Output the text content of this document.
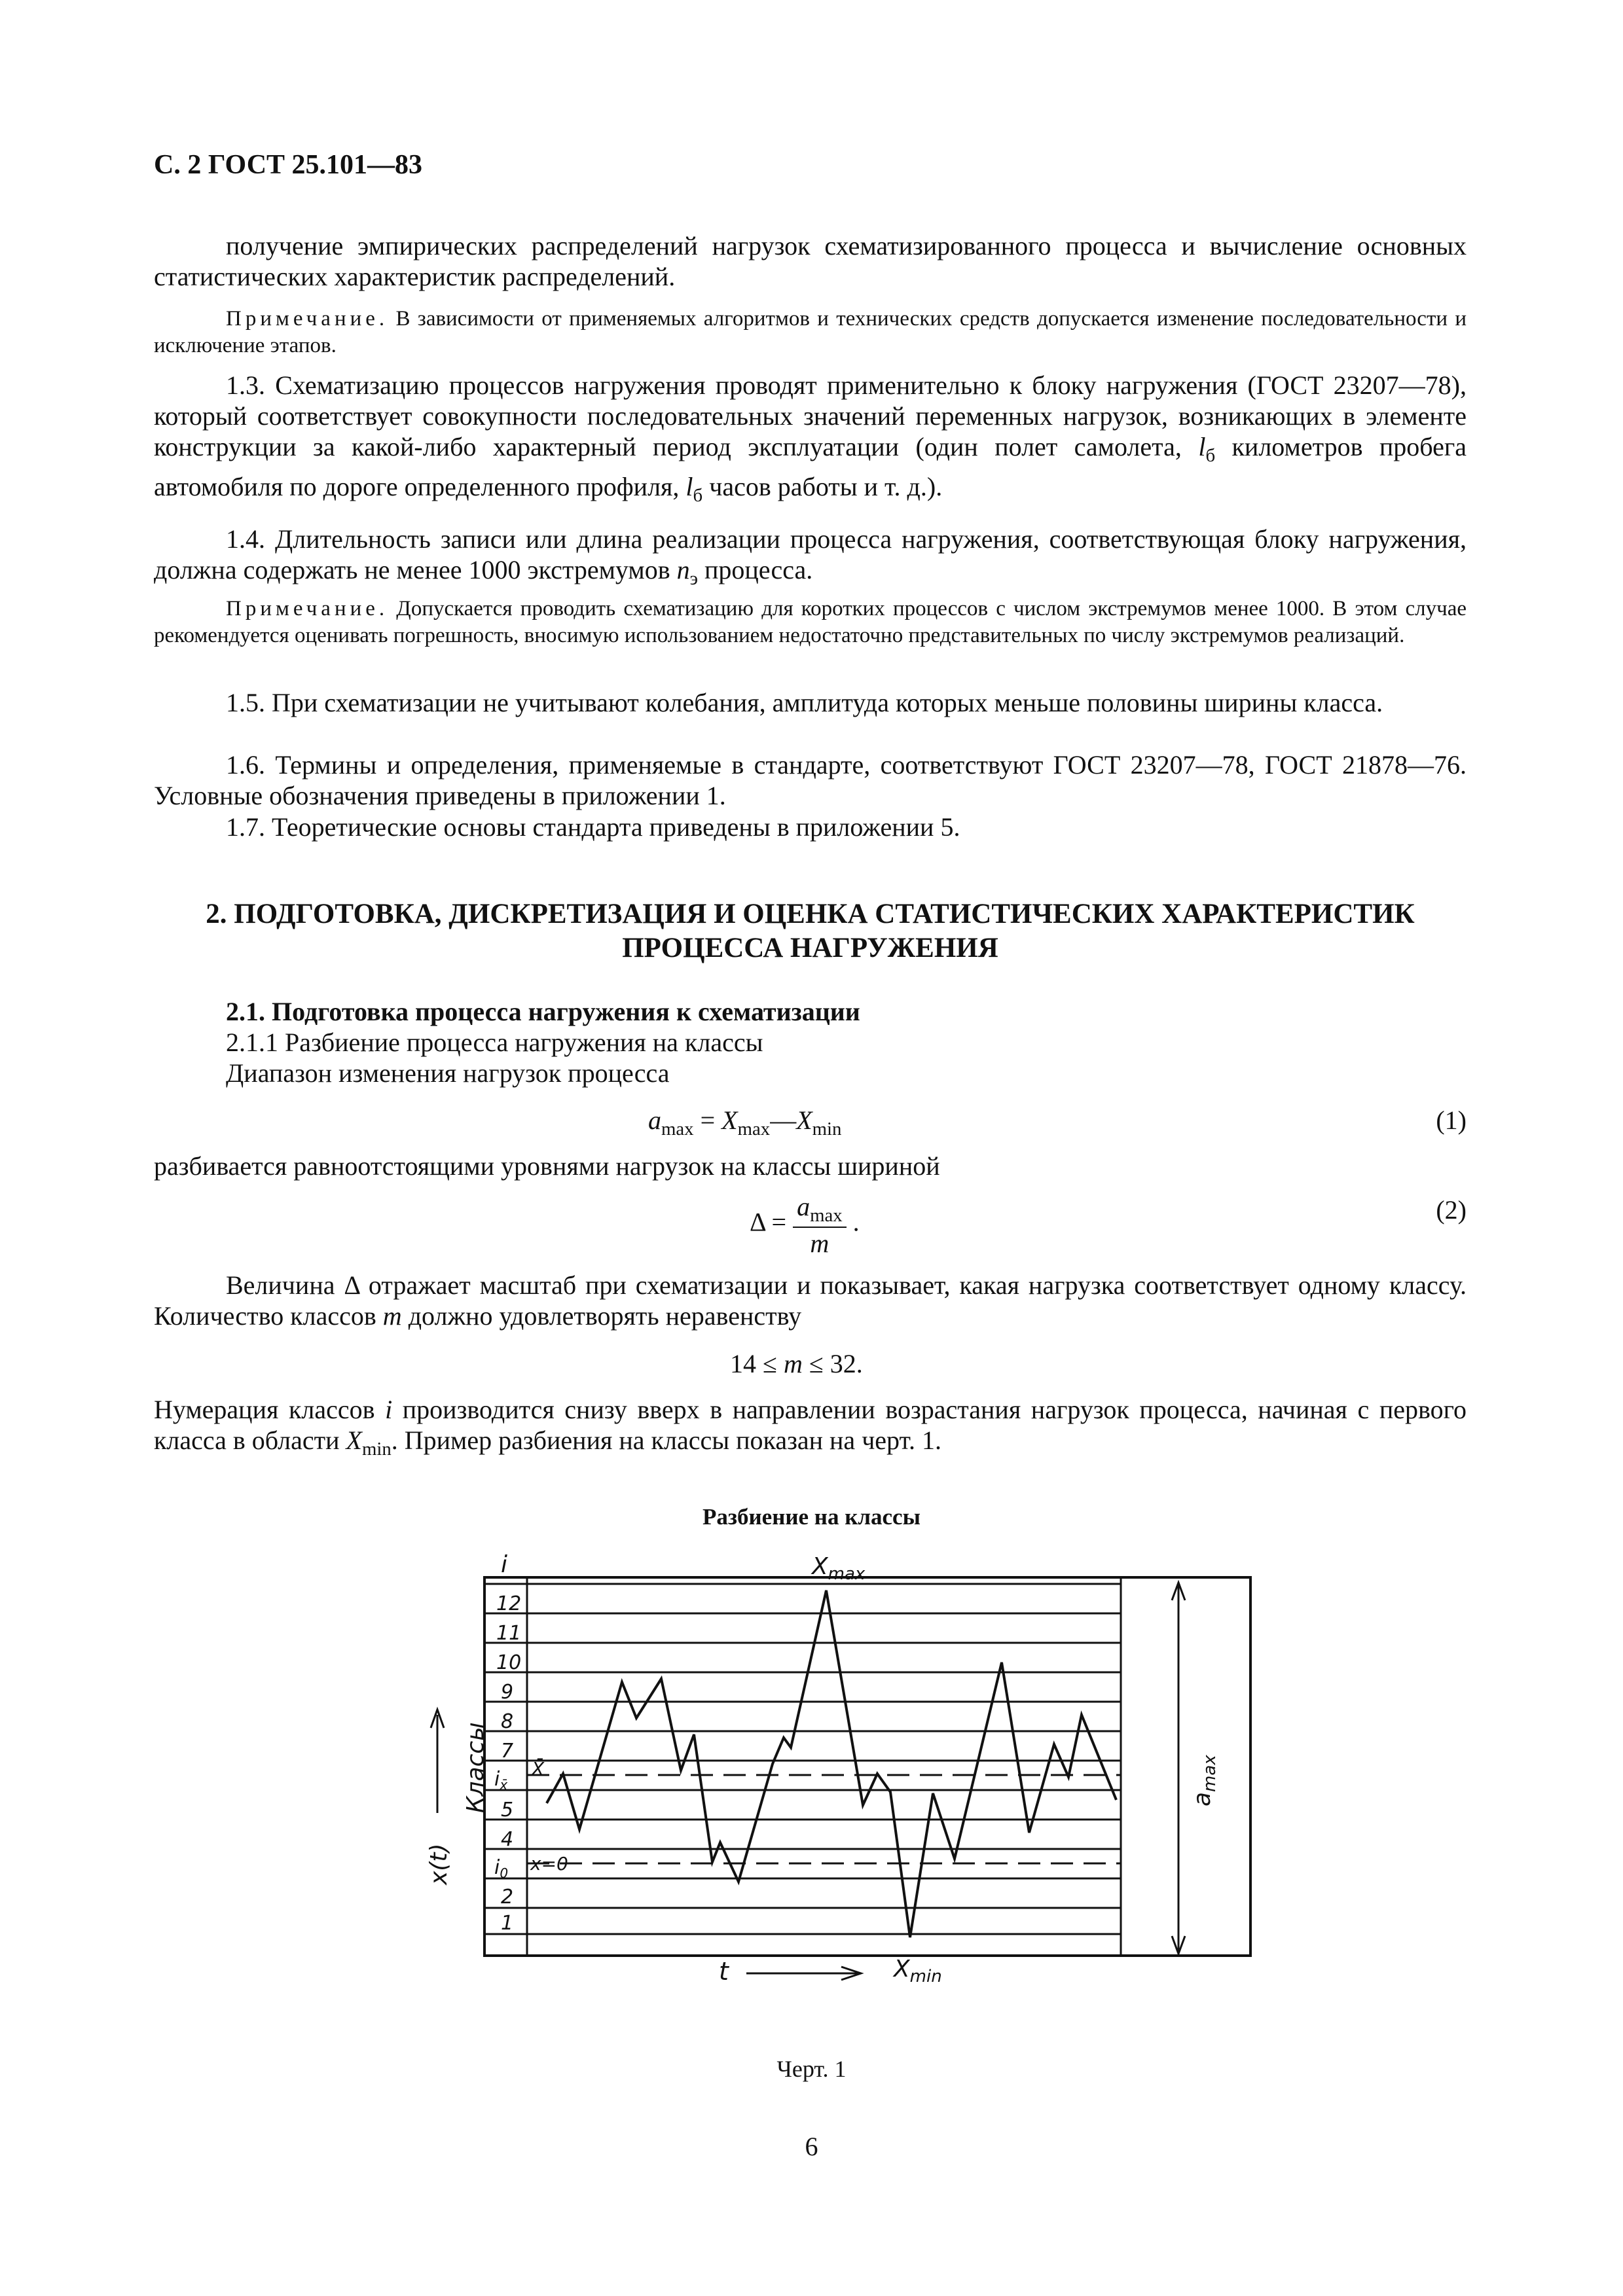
С. 2 ГОСТ 25.101—83

получение эмпирических распределений нагрузок схематизированного процесса и вычисление основных статистических характеристик распределений.

Примечание. В зависимости от применяемых алгоритмов и технических средств допускается изменение последовательности и исключение этапов.

1.3. Схематизацию процессов нагружения проводят применительно к блоку нагружения (ГОСТ 23207—78), который соответствует совокупности последовательных значений переменных нагрузок, возникающих в элементе конструкции за какой-либо характерный период эксплуатации (один полет самолета, $l_б$ километров пробега автомобиля по дороге определенного профиля, $l_б$ часов работы и т. д.).

1.4. Длительность записи или длина реализации процесса нагружения, соответствующая блоку нагружения, должна содержать не менее 1000 экстремумов $n_э$ процесса.

Примечание. Допускается проводить схематизацию для коротких процессов с числом экстремумов менее 1000. В этом случае рекомендуется оценивать погрешность, вносимую использованием недостаточно представительных по числу экстремумов реализаций.

1.5. При схематизации не учитывают колебания, амплитуда которых меньше половины ширины класса.

1.6. Термины и определения, применяемые в стандарте, соответствуют ГОСТ 23207—78, ГОСТ 21878—76. Условные обозначения приведены в приложении 1.

1.7. Теоретические основы стандарта приведены в приложении 5.

2. ПОДГОТОВКА, ДИСКРЕТИЗАЦИЯ И ОЦЕНКА СТАТИСТИЧЕСКИХ ХАРАКТЕРИСТИК
ПРОЦЕССА НАГРУЖЕНИЯ

2.1. Подготовка процесса нагружения к схематизации

2.1.1 Разбиение процесса нагружения на классы

Диапазон изменения нагрузок процесса

$a_{max}$ = $X_{max}—X_{min}$	(1)

разбивается равноотстоящими уровнями нагрузок на классы шириной

$\Delta = \frac{a_{max}}{m}$ .	(2)

Величина Δ отражает масштаб при схематизации и показывает, какая нагрузка соответствует одному классу. Количество классов m должно удовлетворять неравенству

14 ≤ m ≤ 32.

Нумерация классов i производится снизу вверх в направлении возрастания нагрузок процесса, начиная с первого класса в области $X_{min}$. Пример разбиения на классы показан на черт. 1.

Разбиение на классы
12
11
10
9
8
7
$i_{x̄}$
5
4
$i_0$
2
1
i	$X_{max}$
$X_{min}$
X̄
x=0
t
$a_{max}$
Классы
x(t)
Черт. 1
6
